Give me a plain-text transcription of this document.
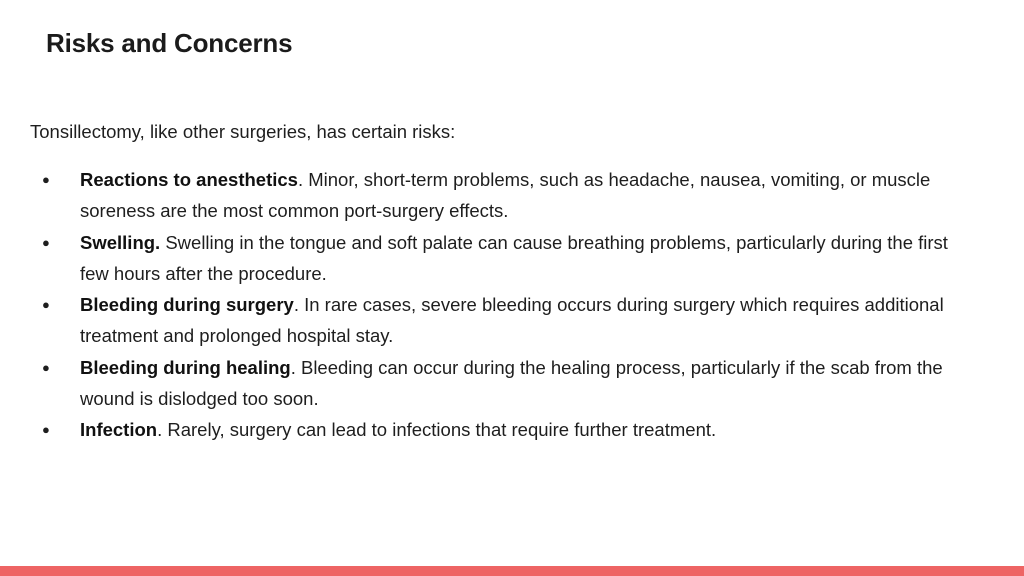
Risks and Concerns

Tonsillectomy, like other surgeries, has certain risks:

● Reactions to anesthetics. Minor, short-term problems, such as headache, nausea, vomiting, or muscle soreness are the most common port-surgery effects.
● Swelling. Swelling in the tongue and soft palate can cause breathing problems, particularly during the first few hours after the procedure.
● Bleeding during surgery. In rare cases, severe bleeding occurs during surgery which requires additional treatment and prolonged hospital stay.
● Bleeding during healing. Bleeding can occur during the healing process, particularly if the scab from the wound is dislodged too soon.
● Infection. Rarely, surgery can lead to infections that require further treatment.
